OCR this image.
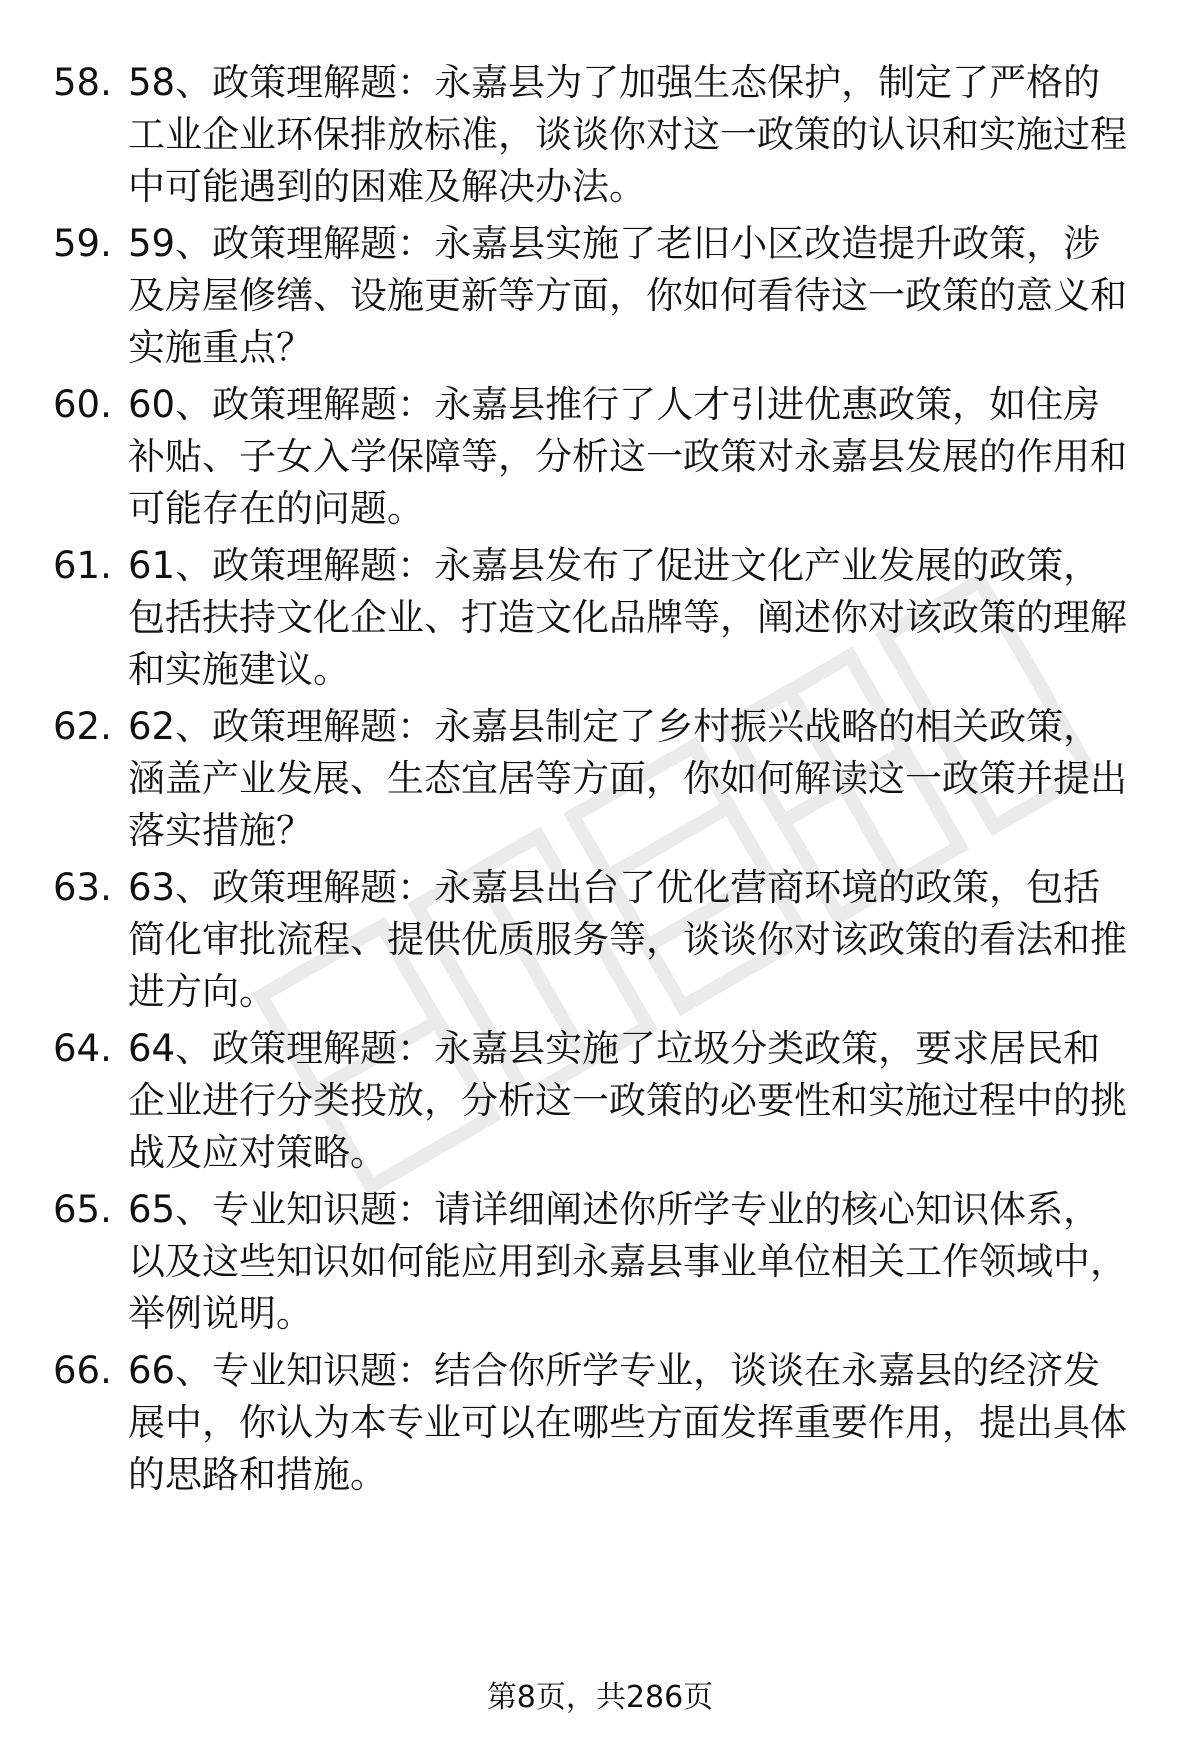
58. 58、政策理解题：永嘉县为了加强生态保护，制定了严格的工业企业环保排放标准，谈谈你对这一政策的认识和实施过程中可能遇到的困难及解决办法。
59. 59、政策理解题：永嘉县实施了老旧小区改造提升政策，涉及房屋修缮、设施更新等方面，你如何看待这一政策的意义和实施重点？
60. 60、政策理解题：永嘉县推行了人才引进优惠政策，如住房补贴、子女入学保障等，分析这一政策对永嘉县发展的作用和可能存在的问题。
61. 61、政策理解题：永嘉县发布了促进文化产业发展的政策，包括扶持文化企业、打造文化品牌等，阐述你对该政策的理解和实施建议。
62. 62、政策理解题：永嘉县制定了乡村振兴战略的相关政策，涵盖产业发展、生态宜居等方面，你如何解读这一政策并提出落实措施？
63. 63、政策理解题：永嘉县出台了优化营商环境的政策，包括简化审批流程、提供优质服务等，谈谈你对该政策的看法和推进方向。
64. 64、政策理解题：永嘉县实施了垃圾分类政策，要求居民和企业进行分类投放，分析这一政策的必要性和实施过程中的挑战及应对策略。
65. 65、专业知识题：请详细阐述你所学专业的核心知识体系，以及这些知识如何能应用到永嘉县事业单位相关工作领域中，举例说明。
66. 66、专业知识题：结合你所学专业，谈谈在永嘉县的经济发展中，你认为本专业可以在哪些方面发挥重要作用，提出具体的思路和措施。
第8页，共286页
